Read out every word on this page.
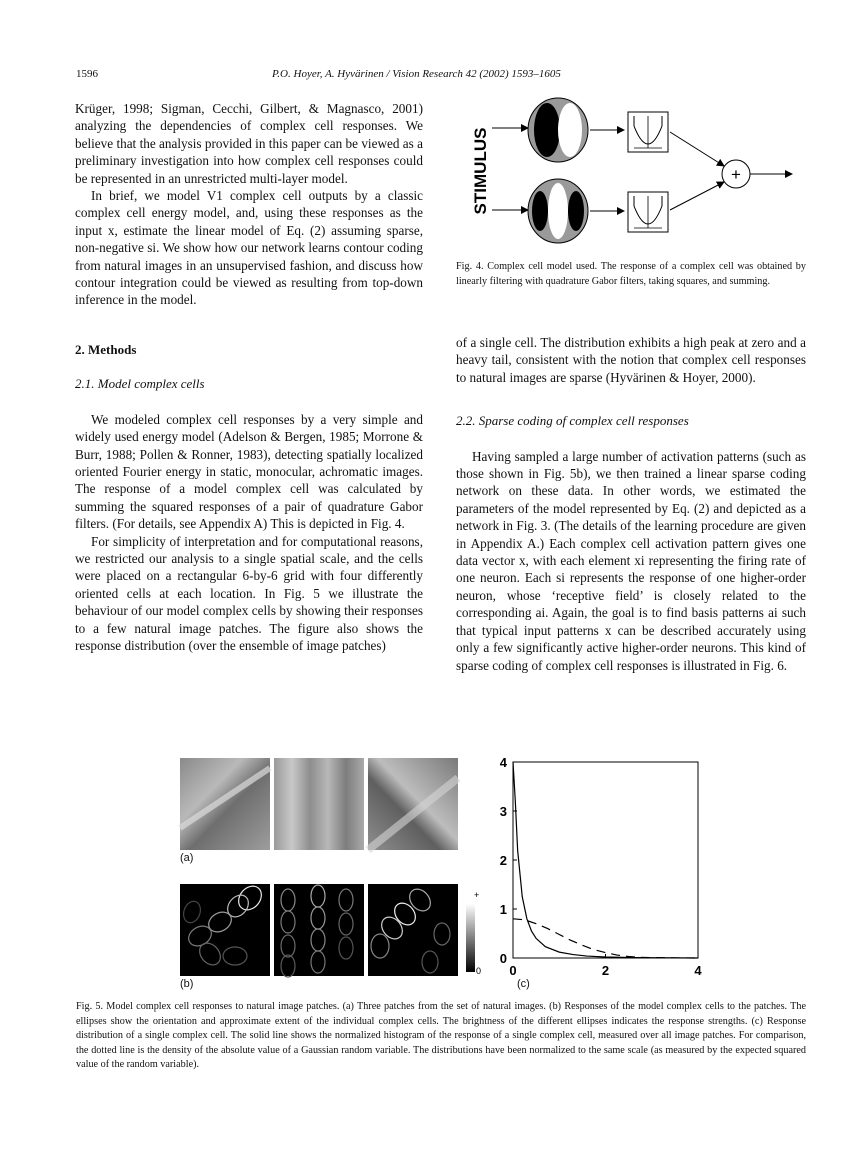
1596	P.O. Hoyer, A. Hyvärinen / Vision Research 42 (2002) 1593–1605

Krüger, 1998; Sigman, Cecchi, Gilbert, & Magnasco, 2001) analyzing the dependencies of complex cell responses. We believe that the analysis provided in this paper can be viewed as a preliminary investigation into how complex cell responses could be represented in an unrestricted multi-layer model.

In brief, we model V1 complex cell outputs by a classic complex cell energy model, and, using these responses as the input x, estimate the linear model of Eq. (2) assuming sparse, non-negative si. We show how our network learns contour coding from natural images in an unsupervised fashion, and discuss how contour integration could be viewed as resulting from top-down inference in the model.

2. Methods
2.1. Model complex cells

We modeled complex cell responses by a very simple and widely used energy model (Adelson & Bergen, 1985; Morrone & Burr, 1988; Pollen & Ronner, 1983), detecting spatially localized oriented Fourier energy in static, monocular, achromatic images. The response of a model complex cell was calculated by summing the squared responses of a pair of quadrature Gabor filters. (For details, see Appendix A) This is depicted in Fig. 4.

For simplicity of interpretation and for computational reasons, we restricted our analysis to a single spatial scale, and the cells were placed on a rectangular 6-by-6 grid with four differently oriented cells at each location. In Fig. 5 we illustrate the behaviour of our model complex cells by showing their responses to a few natural image patches. The figure also shows the response distribution (over the ensemble of image patches)

STIMULUS	+
Fig. 4. Complex cell model used. The response of a complex cell was obtained by linearly filtering with quadrature Gabor filters, taking squares, and summing.

of a single cell. The distribution exhibits a high peak at zero and a heavy tail, consistent with the notion that complex cell responses to natural images are sparse (Hyvärinen & Hoyer, 2000).

2.2. Sparse coding of complex cell responses

Having sampled a large number of activation patterns (such as those shown in Fig. 5b), we then trained a linear sparse coding network on these data. In other words, we estimated the parameters of the model represented by Eq. (2) and depicted as a network in Fig. 3. (The details of the learning procedure are given in Appendix A.) Each complex cell activation pattern gives one data vector x, with each element xi representing the firing rate of one neuron. Each si represents the response of one higher-order neuron, whose ‘receptive field’ is closely related to the corresponding ai. Again, the goal is to find basis patterns ai such that typical input patterns x can be described accurately using only a few significantly active higher-order neurons. This kind of sparse coding of complex cell responses is illustrated in Fig. 6.

(a)
+
0
(b)
0
1
2
3
4
0	2	4
(c)
Fig. 5. Model complex cell responses to natural image patches. (a) Three patches from the set of natural images. (b) Responses of the model complex cells to the patches. The ellipses show the orientation and approximate extent of the individual complex cells. The brightness of the different ellipses indicates the response strengths. (c) Response distribution of a single complex cell. The solid line shows the normalized histogram of the response of a single complex cell, measured over all image patches. For comparison, the dotted line is the density of the absolute value of a Gaussian random variable. The distributions have been normalized to the same scale (as measured by the expected squared value of the random variable).
